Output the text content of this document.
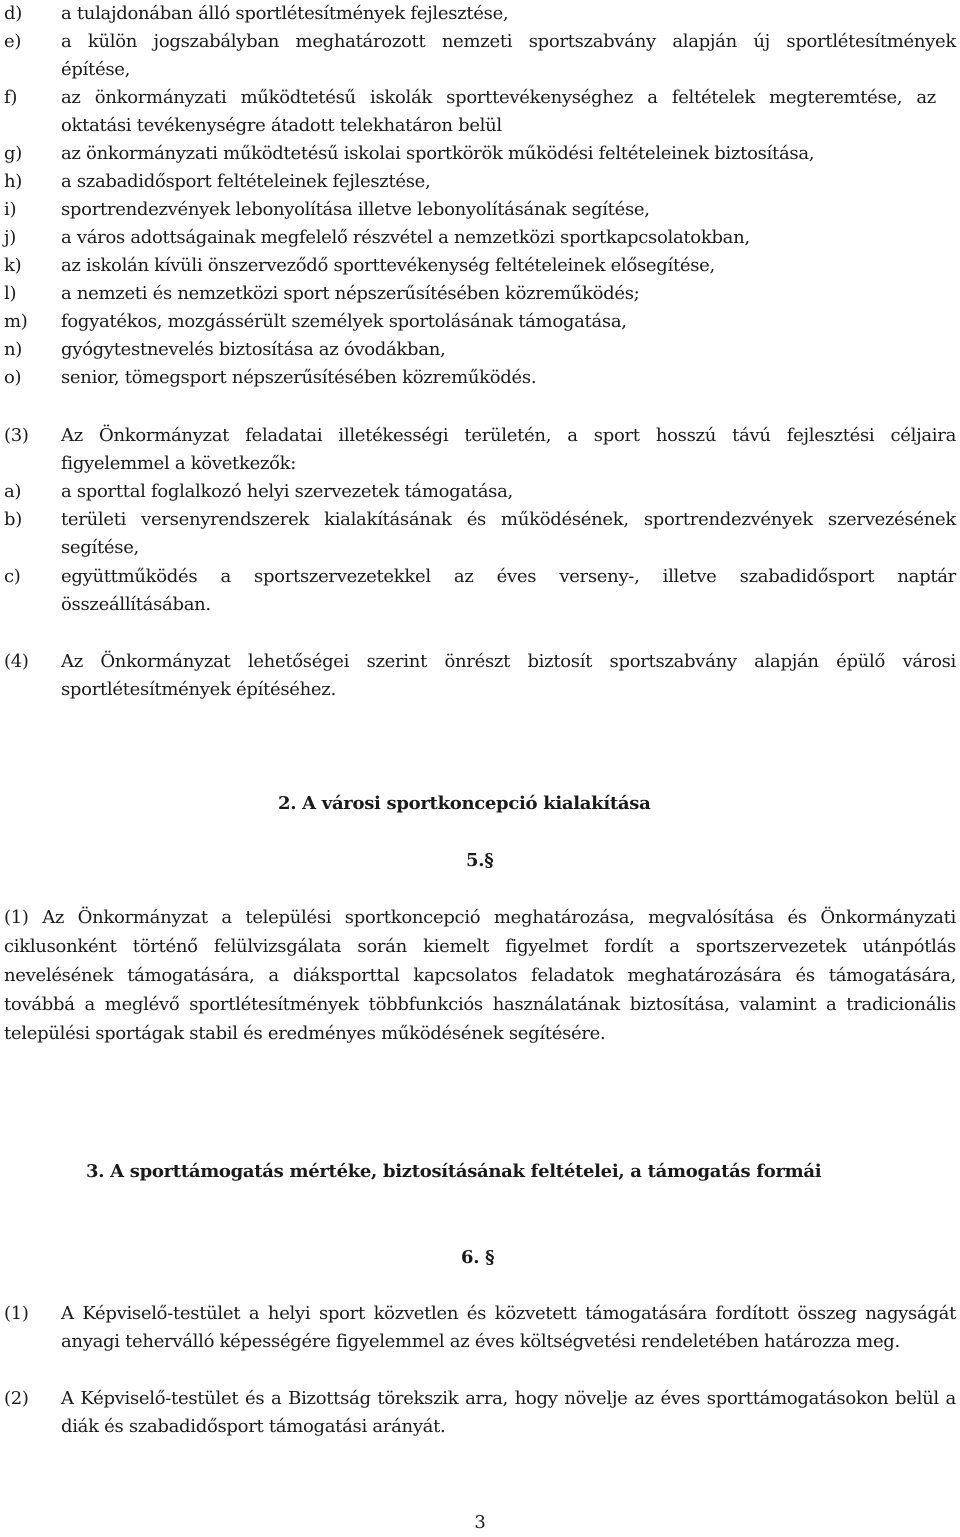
d) a tulajdonában álló sportlétesítmények fejlesztése,
e) a külön jogszabályban meghatározott nemzeti sportszabvány alapján új sportlétesítmények
építése,
f) az önkormányzati működtetésű iskolák sporttevékenységhez a feltételek megteremtése, az
oktatási tevékenységre átadott telekhatáron belül
g) az önkormányzati működtetésű iskolai sportkörök működési feltételeinek biztosítása,
h) a szabadidősport feltételeinek fejlesztése,
i) sportrendezvények lebonyolítása illetve lebonyolításának segítése,
j) a város adottságainak megfelelő részvétel a nemzetközi sportkapcsolatokban,
k) az iskolán kívüli önszerveződő sporttevékenység feltételeinek elősegítése,
l) a nemzeti és nemzetközi sport népszerűsítésében közreműködés;
m) fogyatékos, mozgássérült személyek sportolásának támogatása,
n) gyógytestnevelés biztosítása az óvodákban,
o) senior, tömegsport népszerűsítésében közreműködés.
(3) Az Önkormányzat feladatai illetékességi területén, a sport hosszú távú fejlesztési céljaira figyelemmel a következők:
a) a sporttal foglalkozó helyi szervezetek támogatása,
b) területi versenyrendszerek kialakításának és működésének, sportrendezvények szervezésének segítése,
c) együttműködés a sportszervezetekkel az éves verseny-, illetve szabadidősport naptár összeállításában.
(4) Az Önkormányzat lehetőségei szerint önrészt biztosít sportszabvány alapján épülő városi sportlétesítmények építéséhez.
2. A városi sportkoncepció kialakítása
5.§
(1) Az Önkormányzat a települési sportkoncepció meghatározása, megvalósítása és Önkormányzati ciklusonként történő felülvizsgálata során kiemelt figyelmet fordít a sportszervezetek utánpótlás nevelésének támogatására, a diáksporttal kapcsolatos feladatok meghatározására és támogatására, továbbá a meglévő sportlétesítmények többfunkciós használatának biztosítása, valamint a tradicionális települési sportágak stabil és eredményes működésének segítésére.
3. A sporttámogatás mértéke, biztosításának feltételei, a támogatás formái
6. §
(1) A Képviselő-testület a helyi sport közvetlen és közvetett támogatására fordított összeg nagyságát anyagi teherválló képességére figyelemmel az éves költségvetési rendeletében határozza meg.
(2) A Képviselő-testület és a Bizottság törekszik arra, hogy növelje az éves sporttámogatásokon belül a diák és szabadidősport támogatási arányát.
3
